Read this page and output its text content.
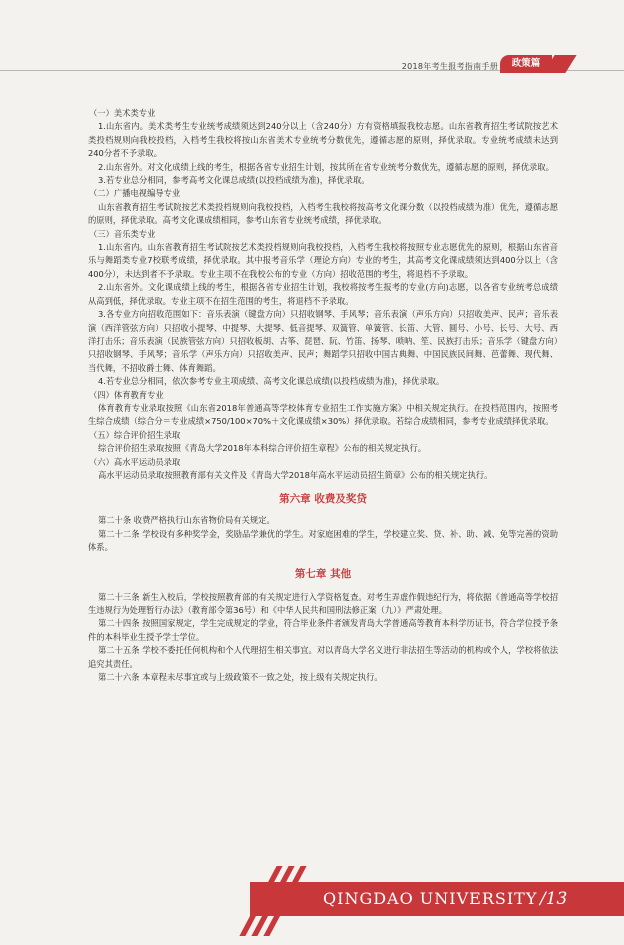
2018年考生报考指南手册	政策篇

（一）美术类专业

1.山东省内。美术类考生专业统考成绩须达到240分以上（含240分）方有资格填报我校志愿。山东省教育招生考试院按艺术类投档规则向我校投档，入档考生我校将按山东省美术专业统考分数优先，遵循志愿的原则，择优录取。专业统考成绩未达到240分者不予录取。

2.山东省外。对文化成绩上线的考生，根据各省专业招生计划，按其所在省专业统考分数优先，遵循志愿的原则，择优录取。

3.若专业总分相同，参考高考文化课总成绩(以投档成绩为准)，择优录取。

（二）广播电视编导专业

山东省教育招生考试院按艺术类投档规则向我校投档，入档考生我校将按高考文化课分数（以投档成绩为准）优先，遵循志愿的原则，择优录取。高考文化课成绩相同，参考山东省专业统考成绩，择优录取。

（三）音乐类专业

1.山东省内。山东省教育招生考试院按艺术类投档规则向我校投档，入档考生我校将按照专业志愿优先的原则，根据山东省音乐与舞蹈类专业7校联考成绩，择优录取。其中报考音乐学（理论方向）专业的考生，其高考文化课成绩须达到400分以上（含400分），未达到者不予录取。专业主项不在我校公布的专业（方向）招收范围的考生，将退档不予录取。

2.山东省外。文化课成绩上线的考生，根据各省专业招生计划，我校将按考生报考的专业(方向)志愿，以各省专业统考总成绩从高到低，择优录取。专业主项不在招生范围的考生，将退档不予录取。

3.各专业方向招收范围如下：音乐表演（键盘方向）只招收钢琴、手风琴；音乐表演（声乐方向）只招收美声、民声；音乐表演（西洋管弦方向）只招收小提琴、中提琴、大提琴、低音提琴、双簧管、单簧管、长笛、大管、圆号、小号、长号、大号、西洋打击乐；音乐表演（民族管弦方向）只招收板胡、古筝、琵琶、阮、竹笛、扬琴、唢呐、笙、民族打击乐；音乐学（键盘方向）只招收钢琴、手风琴；音乐学（声乐方向）只招收美声、民声；舞蹈学只招收中国古典舞、中国民族民间舞、芭蕾舞、现代舞、当代舞，不招收爵士舞、体育舞蹈。

4.若专业总分相同，依次参考专业主项成绩、高考文化课总成绩(以投档成绩为准)，择优录取。

（四）体育教育专业

体育教育专业录取按照《山东省2018年普通高等学校体育专业招生工作实施方案》中相关规定执行。在投档范围内，按照考生综合成绩（综合分＝专业成绩×750/100×70%＋文化课成绩×30%）择优录取。若综合成绩相同，参考专业成绩择优录取。

（五）综合评价招生录取

综合评价招生录取按照《青岛大学2018年本科综合评价招生章程》公布的相关规定执行。

（六）高水平运动员录取

高水平运动员录取按照教育部有关文件及《青岛大学2018年高水平运动员招生简章》公布的相关规定执行。

第六章 收费及奖贷

第二十条 收费严格执行山东省物价局有关规定。

第二十二条 学校设有多种奖学金，奖励品学兼优的学生。对家庭困难的学生，学校建立奖、贷、补、助、减、免等完善的资助体系。

第七章 其他

第二十三条 新生入校后，学校按照教育部的有关规定进行入学资格复查。对考生弄虚作假违纪行为，将依据《普通高等学校招生违规行为处理暂行办法》（教育部令第36号）和《中华人民共和国刑法修正案（九）》严肃处理。

第二十四条 按照国家规定，学生完成规定的学业，符合毕业条件者颁发青岛大学普通高等教育本科学历证书，符合学位授予条件的本科毕业生授予学士学位。

第二十五条 学校不委托任何机构和个人代理招生相关事宜。对以青岛大学名义进行非法招生等活动的机构或个人，学校将依法追究其责任。

第二十六条 本章程未尽事宜或与上级政策不一致之处，按上级有关规定执行。

QINGDAO UNIVERSITY /13
